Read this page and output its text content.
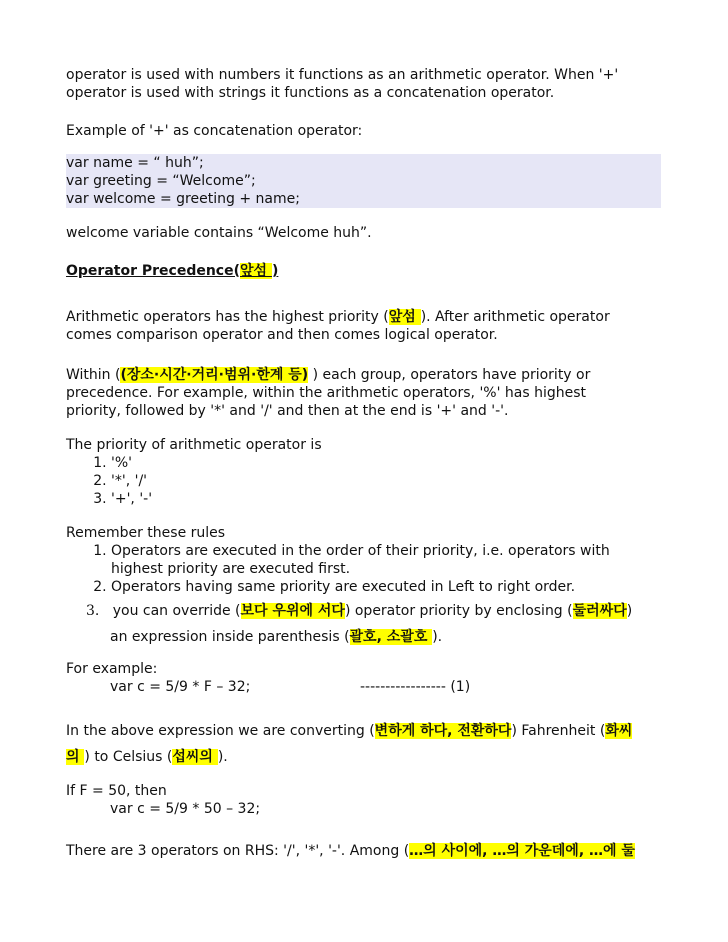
operator is used with numbers it functions as an arithmetic operator. When '+'

operator is used with strings it functions as a concatenation operator.

Example of '+' as concatenation operator:

var name = “ huh”;

var greeting = “Welcome”;

var welcome = greeting + name;

welcome variable contains “Welcome huh”.

Operator Precedence(앞섬 )

Arithmetic operators has the highest priority (앞섬 ). After arithmetic operator

comes comparison operator and then comes logical operator.

Within ((장소·시간·거리·범위·한계 등) ) each group, operators have priority or

precedence. For example, within the arithmetic operators, '%' has highest

priority, followed by '*' and '/' and then at the end is '+' and '-'.

The priority of arithmetic operator is

1. '%'
2. '*', '/'
3. '+', '-'

Remember these rules

1. Operators are executed in the order of their priority, i.e. operators with
highest priority are executed first.
2. Operators having same priority are executed in Left to right order.

3. you can override (보다 우위에 서다) operator priority by enclosing (둘러싸다)

an expression inside parenthesis (괄호, 소괄호 ).

For example:

var c = 5/9 * F – 32;	----------------- (1)

In the above expression we are converting (변하게 하다, 전환하다) Fahrenheit (화씨

의 ) to Celsius (섭씨의 ).

If F = 50, then

var c = 5/9 * 50 – 32;

There are 3 operators on RHS: '/', '*', '-'. Among (…의 사이에, …의 가운데에, …에 둘
